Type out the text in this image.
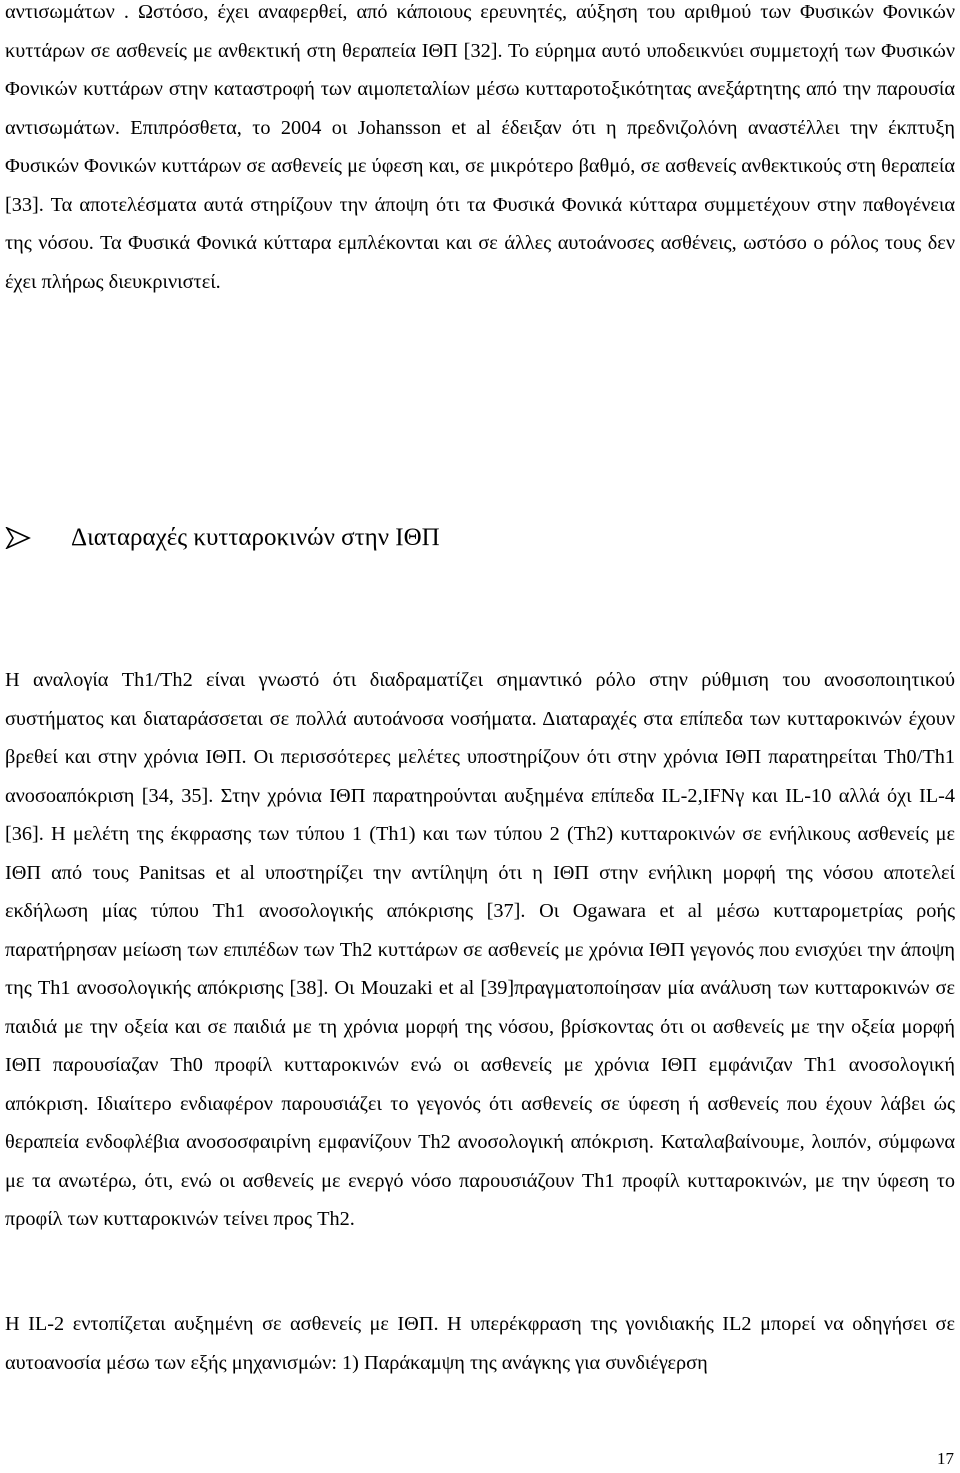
αντισωμάτων . Ωστόσο, έχει αναφερθεί, από κάποιους ερευνητές, αύξηση του αριθμού των Φυσικών Φονικών κυττάρων σε ασθενείς με ανθεκτική στη θεραπεία ΙΘΠ [32]. Το εύρημα αυτό υποδεικνύει συμμετοχή των Φυσικών Φονικών κυττάρων στην καταστροφή των αιμοπεταλίων μέσω κυτταροτοξικότητας ανεξάρτητης από την παρουσία αντισωμάτων. Επιπρόσθετα, το 2004 οι Johansson et al έδειξαν ότι η πρεδνιζολόνη αναστέλλει την έκπτυξη Φυσικών Φονικών κυττάρων σε ασθενείς με ύφεση και, σε μικρότερο βαθμό, σε ασθενείς ανθεκτικούς στη θεραπεία [33]. Τα αποτελέσματα αυτά στηρίζουν την άποψη ότι τα Φυσικά Φονικά κύτταρα συμμετέχουν στην παθογένεια της νόσου. Τα Φυσικά Φονικά κύτταρα εμπλέκονται και σε άλλες αυτοάνοσες ασθένεις, ωστόσο ο ρόλος τους δεν έχει πλήρως διευκρινιστεί.

Διαταραχές κυτταροκινών στην ΙΘΠ

Η αναλογία Th1/Th2 είναι γνωστό ότι διαδραματίζει σημαντικό ρόλο στην ρύθμιση του ανοσοποιητικού συστήματος και διαταράσσεται σε πολλά αυτοάνοσα νοσήματα. Διαταραχές στα επίπεδα των κυτταροκινών έχουν βρεθεί και στην χρόνια ΙΘΠ. Οι περισσότερες μελέτες υποστηρίζουν ότι στην χρόνια ΙΘΠ παρατηρείται Th0/Th1 ανοσοαπόκριση [34, 35]. Στην χρόνια ΙΘΠ παρατηρούνται αυξημένα επίπεδα IL-2,IFNγ και IL-10 αλλά όχι IL-4 [36]. Η μελέτη της έκφρασης των τύπου 1 (Th1) και των τύπου 2 (Th2) κυτταροκινών σε ενήλικους ασθενείς με ΙΘΠ από τους Panitsas et al υποστηρίζει την αντίληψη ότι η ΙΘΠ στην ενήλικη μορφή της νόσου αποτελεί εκδήλωση μίας τύπου Th1 ανοσολογικής απόκρισης [37]. Οι Ogawara et al μέσω κυτταρομετρίας ροής παρατήρησαν μείωση των επιπέδων των Th2 κυττάρων σε ασθενείς με χρόνια ΙΘΠ γεγονός που ενισχύει την άποψη της Th1 ανοσολογικής απόκρισης [38]. Οι Mouzaki et al [39]πραγματοποίησαν μία ανάλυση των κυτταροκινών σε παιδιά με την οξεία και σε παιδιά με τη χρόνια μορφή της νόσου, βρίσκοντας ότι οι ασθενείς με την οξεία μορφή ΙΘΠ παρουσίαζαν Th0 προφίλ κυτταροκινών ενώ οι ασθενείς με χρόνια ΙΘΠ εμφάνιζαν Th1 ανοσολογική απόκριση. Ιδιαίτερο ενδιαφέρον παρουσιάζει το γεγονός ότι ασθενείς σε ύφεση ή ασθενείς που έχουν λάβει ώς θεραπεία ενδοφλέβια ανοσοσφαιρίνη εμφανίζουν Th2 ανοσολογική απόκριση. Καταλαβαίνουμε, λοιπόν, σύμφωνα με τα ανωτέρω, ότι, ενώ οι ασθενείς με ενεργό νόσο παρουσιάζουν Th1 προφίλ κυτταροκινών, με την ύφεση το προφίλ των κυτταροκινών τείνει προς Th2.

Η IL-2 εντοπίζεται αυξημένη σε ασθενείς με ΙΘΠ. Η υπερέκφραση της γονιδιακής IL2 μπορεί να οδηγήσει σε αυτοανοσία μέσω των εξής μηχανισμών: 1) Παράκαμψη της ανάγκης για συνδιέγερση

17
